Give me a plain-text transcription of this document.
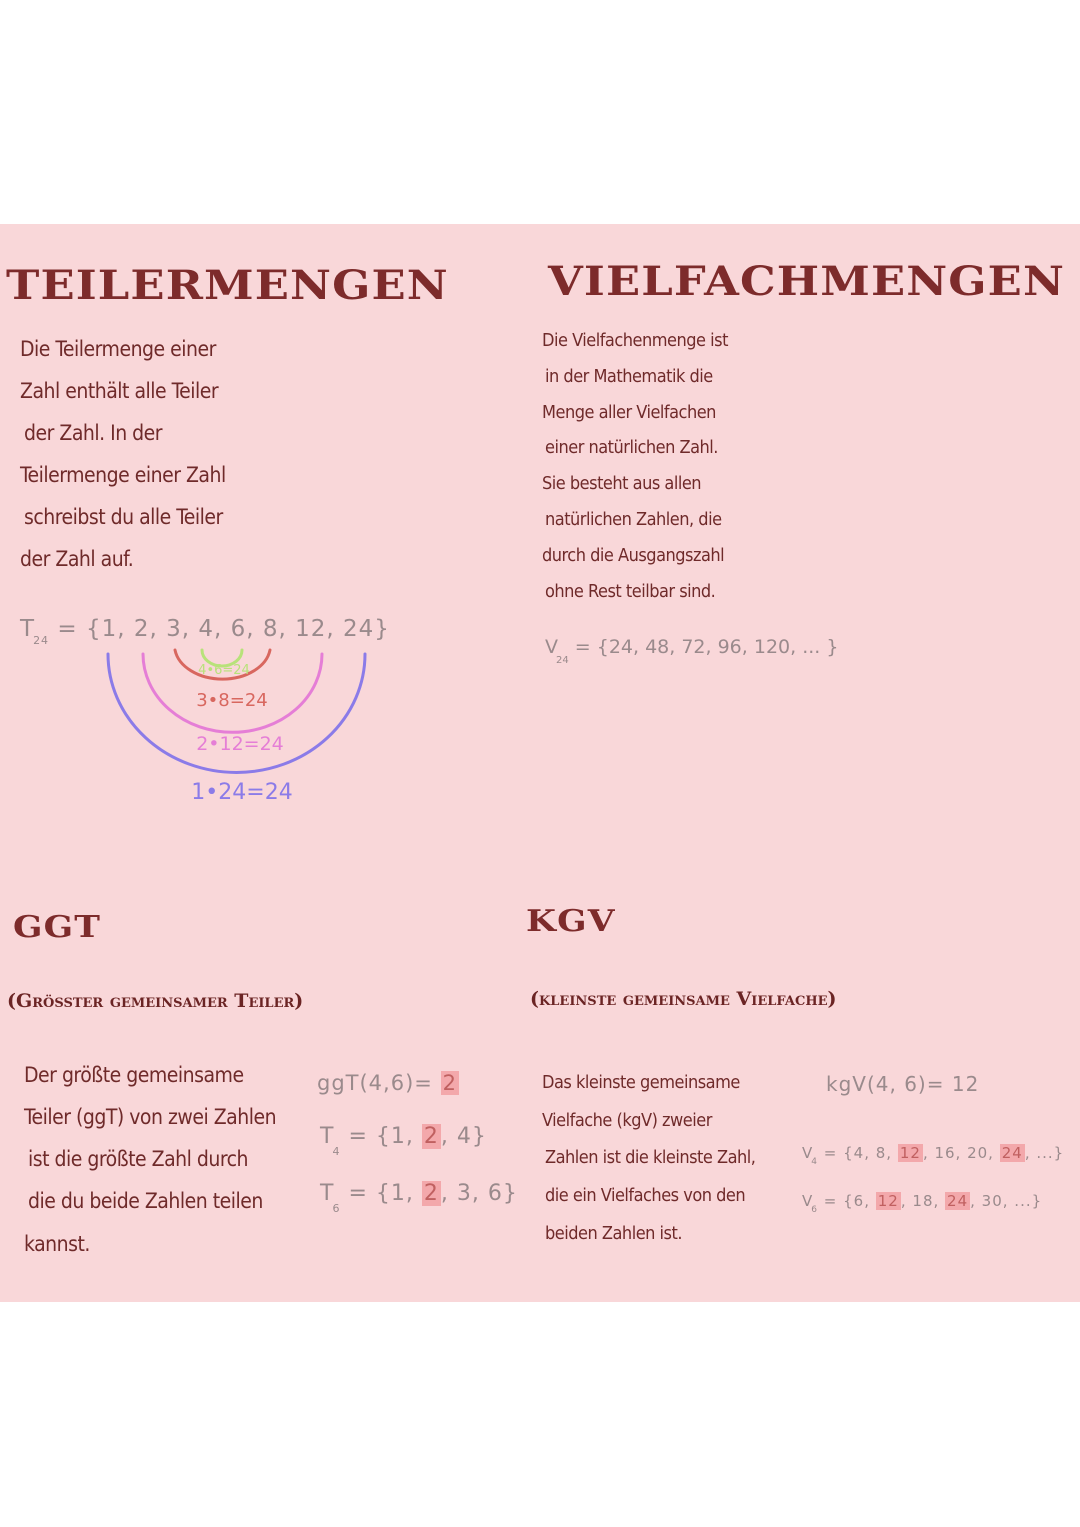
TEILERMENGEN
Die Teilermenge einer
Zahl enthält alle Teiler
der Zahl. In der
Teilermenge einer Zahl
schreibst du alle Teiler
der Zahl auf.
$T_{24} = \{1$, 2, 3, 4, 6, 8, 12, 24}
4•6=24
3•8=24
2•12=24
1•24=24
VIELFACHMENGEN
Die Vielfachenmenge ist
in der Mathematik die
Menge aller Vielfachen
einer natürlichen Zahl.
Sie besteht aus allen
natürlichen Zahlen, die
durch die Ausgangszahl
ohne Rest teilbar sind.
$V_{24} = \{24$, 48, 72, 96, 120, ... }
GGT
(Größter gemeinsamer Teiler)
Der größte gemeinsame
Teiler (ggT) von zwei Zahlen
ist die größte Zahl durch
die du beide Zahlen teilen
kannst.
ggT(4,6)= 2
$T_4 = \{1$, 2, 4}
$T_6 = \{1$, 2, 3, 6}
KGV
(kleinste gemeinsame Vielfache)
Das kleinste gemeinsame
Vielfache (kgV) zweier
Zahlen ist die kleinste Zahl,
die ein Vielfaches von den
beiden Zahlen ist.
kgV(4, 6)= 12
$V_4 = \{4$, 8, 12 , 16, 20, 24 , ...}
$V_6 = \{6$, 12 , 18, 24 , 30, ...}
